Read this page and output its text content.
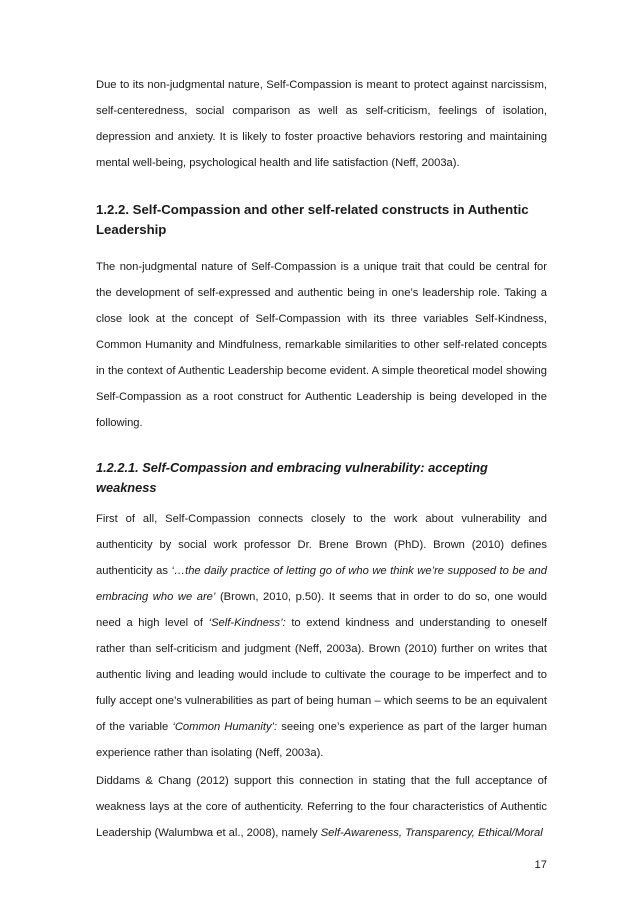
Due to its non-judgmental nature, Self-Compassion is meant to protect against narcissism, self-centeredness, social comparison as well as self-criticism, feelings of isolation, depression and anxiety. It is likely to foster proactive behaviors restoring and maintaining mental well-being, psychological health and life satisfaction (Neff, 2003a).

1.2.2. Self-Compassion and other self-related constructs in Authentic Leadership

The non-judgmental nature of Self-Compassion is a unique trait that could be central for the development of self-expressed and authentic being in one’s leadership role. Taking a close look at the concept of Self-Compassion with its three variables Self-Kindness, Common Humanity and Mindfulness, remarkable similarities to other self-related concepts in the context of Authentic Leadership become evident. A simple theoretical model showing Self-Compassion as a root construct for Authentic Leadership is being developed in the following.

1.2.2.1. Self-Compassion and embracing vulnerability: accepting weakness

First of all, Self-Compassion connects closely to the work about vulnerability and authenticity by social work professor Dr. Brene Brown (PhD). Brown (2010) defines authenticity as ‘…the daily practice of letting go of who we think we’re supposed to be and embracing who we are’ (Brown, 2010, p.50). It seems that in order to do so, one would need a high level of ‘Self-Kindness’: to extend kindness and understanding to oneself rather than self-criticism and judgment (Neff, 2003a). Brown (2010) further on writes that authentic living and leading would include to cultivate the courage to be imperfect and to fully accept one’s vulnerabilities as part of being human – which seems to be an equivalent of the variable ‘Common Humanity’: seeing one’s experience as part of the larger human experience rather than isolating (Neff, 2003a).

Diddams & Chang (2012) support this connection in stating that the full acceptance of weakness lays at the core of authenticity. Referring to the four characteristics of Authentic Leadership (Walumbwa et al., 2008), namely Self-Awareness, Transparency, Ethical/Moral

17
